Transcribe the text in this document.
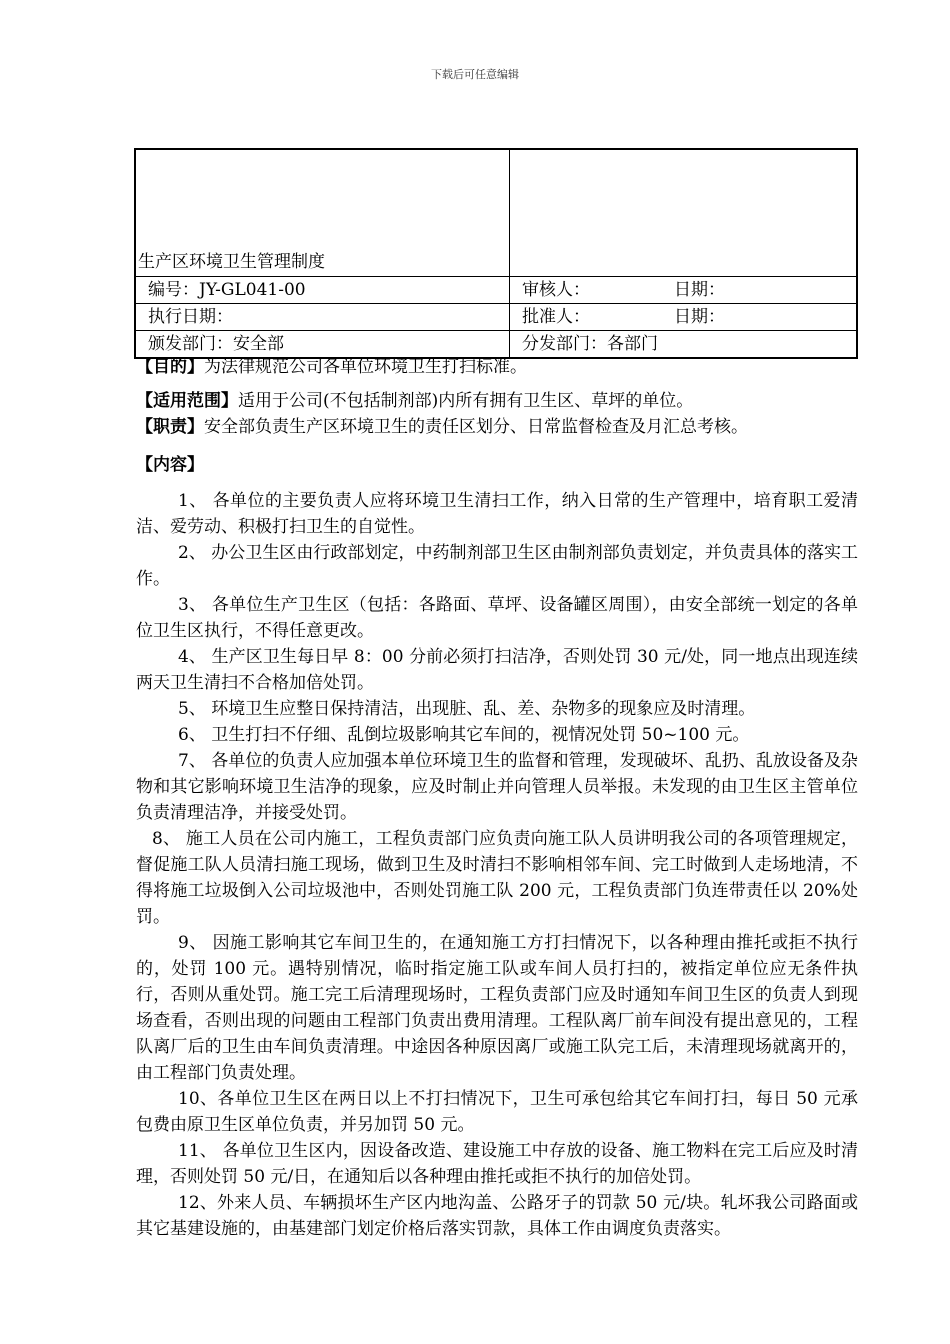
下载后可任意编辑
生产区环境卫生管理制度	
编号：JY-GL041-00	审核人： 日期：
执行日期：	批准人： 日期：
颁发部门：安全部	分发部门：各部门

【目的】为法律规范公司各单位环境卫生打扫标准。

【适用范围】适用于公司(不包括制剂部)内所有拥有卫生区、草坪的单位。

【职责】安全部负责生产区环境卫生的责任区划分、日常监督检查及月汇总考核。

【内容】

1、 各单位的主要负责人应将环境卫生清扫工作，纳入日常的生产管理中，培育职工爱清洁、爱劳动、积极打扫卫生的自觉性。

2、 办公卫生区由行政部划定，中药制剂部卫生区由制剂部负责划定，并负责具体的落实工作。

3、 各单位生产卫生区（包括：各路面、草坪、设备罐区周围），由安全部统一划定的各单位卫生区执行，不得任意更改。

4、 生产区卫生每日早 8：00 分前必须打扫洁净，否则处罚 30 元/处，同一地点出现连续两天卫生清扫不合格加倍处罚。

5、 环境卫生应整日保持清洁，出现脏、乱、差、杂物多的现象应及时清理。

6、 卫生打扫不仔细、乱倒垃圾影响其它车间的，视情况处罚 50~100 元。

7、 各单位的负责人应加强本单位环境卫生的监督和管理，发现破坏、乱扔、乱放设备及杂物和其它影响环境卫生洁净的现象，应及时制止并向管理人员举报。未发现的由卫生区主管单位负责清理洁净，并接受处罚。

8、 施工人员在公司内施工，工程负责部门应负责向施工队人员讲明我公司的各项管理规定，督促施工队人员清扫施工现场，做到卫生及时清扫不影响相邻车间、完工时做到人走场地清，不得将施工垃圾倒入公司垃圾池中，否则处罚施工队 200 元，工程负责部门负连带责任以 20%处罚。

9、 因施工影响其它车间卫生的，在通知施工方打扫情况下，以各种理由推托或拒不执行的，处罚 100 元。遇特别情况，临时指定施工队或车间人员打扫的，被指定单位应无条件执行，否则从重处罚。施工完工后清理现场时，工程负责部门应及时通知车间卫生区的负责人到现场查看，否则出现的问题由工程部门负责出费用清理。工程队离厂前车间没有提出意见的，工程队离厂后的卫生由车间负责清理。中途因各种原因离厂或施工队完工后，未清理现场就离开的，由工程部门负责处理。

10、各单位卫生区在两日以上不打扫情况下，卫生可承包给其它车间打扫，每日 50 元承包费由原卫生区单位负责，并另加罚 50 元。

11、 各单位卫生区内，因设备改造、建设施工中存放的设备、施工物料在完工后应及时清理，否则处罚 50 元/日，在通知后以各种理由推托或拒不执行的加倍处罚。

12、外来人员、车辆损坏生产区内地沟盖、公路牙子的罚款 50 元/块。轧坏我公司路面或其它基建设施的，由基建部门划定价格后落实罚款，具体工作由调度负责落实。
